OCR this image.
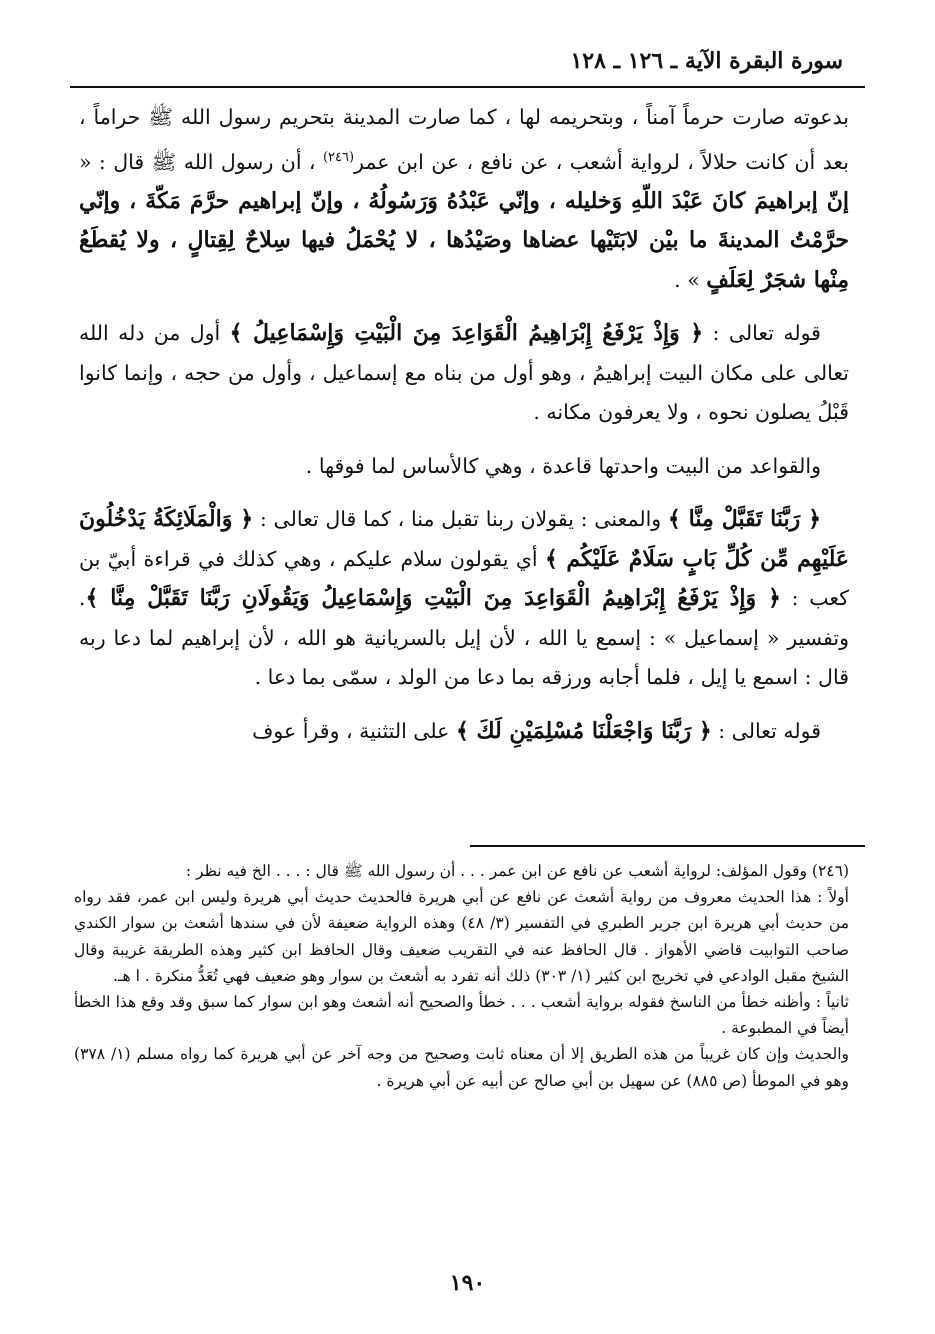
سورة البقرة الآية ـ ١٢٦ ـ ١٢٨

بدعوته صارت حرماً آمناً ، وبتحريمه لها ، كما صارت المدينة بتحريم رسول الله ﷺ حراماً ، بعد أن كانت حلالاً ، لرواية أشعب ، عن نافع ، عن ابن عمر$^{(٢٤٦)}$ ، أن رسول الله ﷺ قال : « إنّ إبراهيمَ كانَ عَبْدَ اللّهِ وَخليله ، وإنّي عَبْدُهُ وَرَسُولُهُ ، وإنّ إبراهيم حرَّمَ مَكّةَ ، وإنّي حرَّمْتُ المدينةَ ما بيْن لابَتَيْها عضاها وصَيْدُها ، لا يُحْمَلُ فيها سِلاحٌ لِقِتالٍ ، ولا يُقطَعُ مِنْها شجَرٌ لِعَلَفٍ » .

قوله تعالى : ﴿ وَإِذْ يَرْفَعُ إِبْرَاهِيمُ الْقَوَاعِدَ مِنَ الْبَيْتِ وَإِسْمَاعِيلُ ﴾ أول من دله الله تعالى على مكان البيت إبراهيمُ ، وهو أول من بناه مع إسماعيل ، وأول من حجه ، وإنما كانوا قَبْلُ يصلون نحوه ، ولا يعرفون مكانه .

والقواعد من البيت واحدتها قاعدة ، وهي كالأساس لما فوقها .

﴿ رَبَّنَا تَقَبَّلْ مِنَّا ﴾ والمعنى : يقولان ربنا تقبل منا ، كما قال تعالى : ﴿ وَالْمَلَائِكَةُ يَدْخُلُونَ عَلَيْهِم مِّن كُلِّ بَابٍ سَلَامٌ عَلَيْكُم ﴾ أي يقولون سلام عليكم ، وهي كذلك في قراءة أبيّ بن كعب : ﴿ وَإِذْ يَرْفَعُ إِبْرَاهِيمُ الْقَوَاعِدَ مِنَ الْبَيْتِ وَإِسْمَاعِيلُ وَيَقُولَانِ رَبَّنَا تَقَبَّلْ مِنَّا ﴾. وتفسير « إسماعيل » : إسمع يا الله ، لأن إيل بالسريانية هو الله ، لأن إبراهيم لما دعا ربه قال : اسمع يا إيل ، فلما أجابه ورزقه بما دعا من الولد ، سمّى بما دعا .

قوله تعالى : ﴿ رَبَّنَا وَاجْعَلْنَا مُسْلِمَيْنِ لَكَ ﴾ على التثنية ، وقرأ عوف

(٢٤٦) وقول المؤلف: لرواية أشعب عن نافع عن ابن عمر . . . أن رسول الله ﷺ قال : . . . الخ فيه نظر :

أولاً : هذا الحديث معروف من رواية أشعث عن نافع عن أبي هريرة فالحديث حديث أبي هريرة وليس ابن عمر، فقد رواه من حديث أبي هريرة ابن جرير الطبري في التفسير (٣/ ٤٨) وهذه الرواية ضعيفة لأن في سندها أشعث بن سوار الكندي صاحب التوابيت قاضي الأهواز . قال الحافظ عنه في التقريب ضعيف وقال الحافظ ابن كثير وهذه الطريقة غريبة وقال الشيخ مقبل الوادعي في تخريج ابن كثير (١/ ٣٠٣) ذلك أنه تفرد به أشعث بن سوار وهو ضعيف فهي تُعَدُّ منكرة . ا هـ.

ثانياً : وأظنه خطأ من الناسخ فقوله برواية أشعب . . . خطأ والصحيح أنه أشعث وهو ابن سوار كما سبق وقد وقع هذا الخطأ أيضاً في المطبوعة .

والحديث وإن كان غريباً من هذه الطريق إلا أن معناه ثابت وصحيح من وجه آخر عن أبي هريرة كما رواه مسلم (١/ ٣٧٨) وهو في الموطأ (ص ٨٨٥) عن سهيل بن أبي صالح عن أبيه عن أبي هريرة .

١٩٠
